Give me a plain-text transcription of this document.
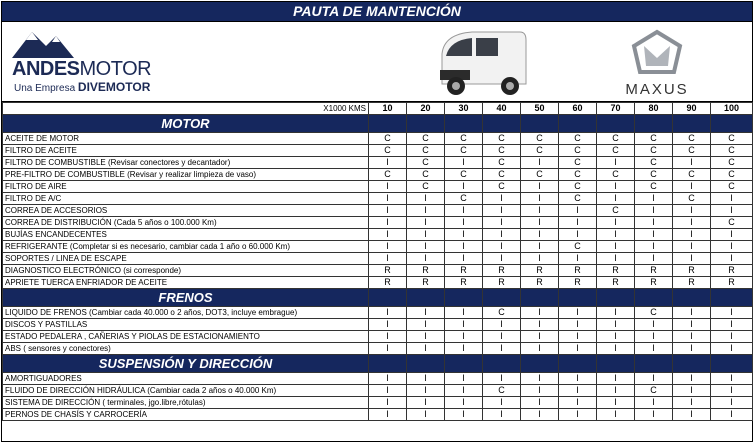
PAUTA DE MANTENCIÓN
ANDESMOTOR
Una Empresa DIVEMOTOR	MAXUS
X1000 KMS	10	20	30	40	50	60	70	80	90	100
MOTOR										
ACEITE DE MOTOR	C	C	C	C	C	C	C	C	C	C
FILTRO DE ACEITE	C	C	C	C	C	C	C	C	C	C
FILTRO DE COMBUSTIBLE (Revisar conectores y decantador)	I	C	I	C	I	C	I	C	I	C
PRE-FILTRO DE COMBUSTIBLE (Revisar y realizar limpieza de vaso)	C	C	C	C	C	C	C	C	C	C
FILTRO DE AIRE	I	C	I	C	I	C	I	C	I	C
FILTRO DE A/C	I	I	C	I	I	C	I	I	C	I
CORREA DE ACCESORIOS	I	I	I	I	I	I	C	I	I	I
CORREA DE DISTRIBUCIÓN (Cada 5 años o 100.000 Km)	I	I	I	I	I	I	I	I	I	C
BUJÍAS ENCANDECENTES	I	I	I	I	I	I	I	I	I	I
REFRIGERANTE (Completar si es necesario, cambiar cada 1 año o 60.000 Km)	I	I	I	I	I	C	I	I	I	I
SOPORTES / LINEA DE ESCAPE	I	I	I	I	I	I	I	I	I	I
DIAGNOSTICO ELECTRÓNICO (si corresponde)	R	R	R	R	R	R	R	R	R	R
APRIETE TUERCA ENFRIADOR DE ACEITE	R	R	R	R	R	R	R	R	R	R
FRENOS										
LIQUIDO DE FRENOS (Cambiar cada 40.000 o 2 años, DOT3, incluye embrague)	I	I	I	C	I	I	I	C	I	I
DISCOS Y PASTILLAS	I	I	I	I	I	I	I	I	I	I
ESTADO PEDALERA , CAÑERIAS Y PIOLAS DE ESTACIONAMIENTO	I	I	I	I	I	I	I	I	I	I
ABS ( sensores y conectores)	I	I	I	I	I	I	I	I	I	I
SUSPENSIÓN Y DIRECCIÓN										
AMORTIGUADORES	I	I	I	I	I	I	I	I	I	I
FLUIDO DE DIRECCIÓN HIDRÁULICA (Cambiar cada 2 años o 40.000 Km)	I	I	I	C	I	I	I	C	I	I
SISTEMA DE DIRECCIÓN ( terminales, jgo.libre,rótulas)	I	I	I	I	I	I	I	I	I	I
PERNOS DE CHASÍS Y CARROCERÍA	I	I	I	I	I	I	I	I	I	I
